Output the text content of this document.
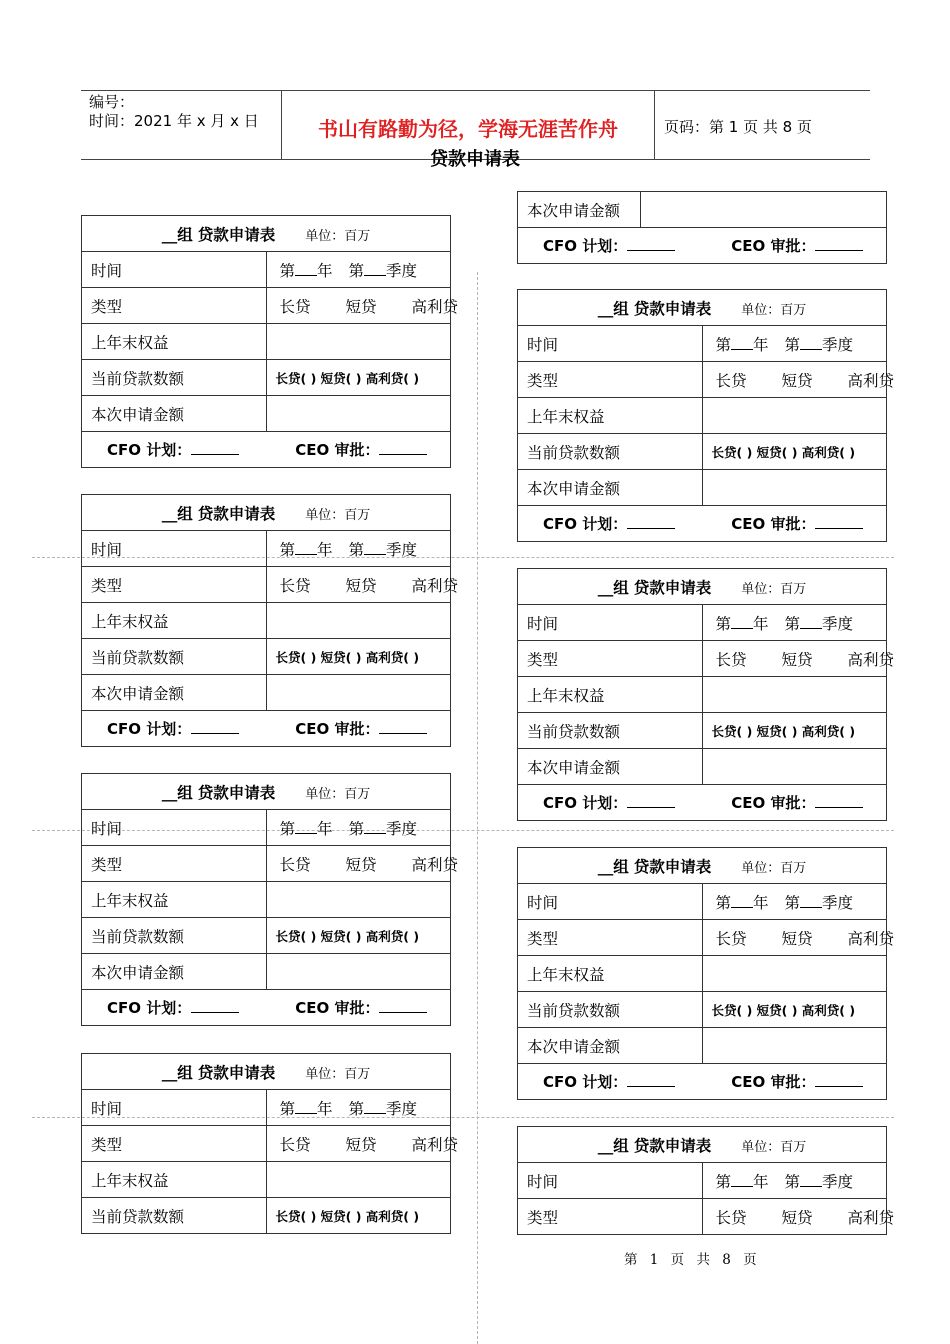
编号：
时间：2021 年 x 月 x 日	书山有路勤为径，学海无涯苦作舟	页码：第 1 页 共 8 页
贷款申请表
本次申请金额	
CFO 计划：	CEO 审批：
__组 贷款申请表 单位：百万	
时间	第 年 第 季度
类型	长贷 短贷 高利贷
上年末权益	
当前贷款数额	长贷( ) 短贷( ) 高利贷( )
本次申请金额	
CFO 计划： CEO 审批：	
__组 贷款申请表 单位：百万	
时间	第 年 第 季度
类型	长贷 短贷 高利贷
上年末权益	
当前贷款数额	长贷( ) 短贷( ) 高利贷( )
本次申请金额	
CFO 计划： CEO 审批：	
__组 贷款申请表 单位：百万	
时间	第 年 第 季度
类型	长贷 短贷 高利贷
上年末权益	
当前贷款数额	长贷( ) 短贷( ) 高利贷( )
本次申请金额	
CFO 计划： CEO 审批：	
__组 贷款申请表 单位：百万	
时间	第 年 第 季度
类型	长贷 短贷 高利贷
上年末权益	
当前贷款数额	长贷( ) 短贷( ) 高利贷( )
__组 贷款申请表 单位：百万	
时间	第 年 第 季度
类型	长贷 短贷 高利贷
上年末权益	
当前贷款数额	长贷( ) 短贷( ) 高利贷( )
本次申请金额	
CFO 计划： CEO 审批：	
__组 贷款申请表 单位：百万	
时间	第 年 第 季度
类型	长贷 短贷 高利贷
上年末权益	
当前贷款数额	长贷( ) 短贷( ) 高利贷( )
本次申请金额	
CFO 计划： CEO 审批：	
__组 贷款申请表 单位：百万	
时间	第 年 第 季度
类型	长贷 短贷 高利贷
上年末权益	
当前贷款数额	长贷( ) 短贷( ) 高利贷( )
本次申请金额	
CFO 计划： CEO 审批：	
__组 贷款申请表 单位：百万	
时间	第 年 第 季度
类型	长贷 短贷 高利贷
第 1 页 共 8 页
